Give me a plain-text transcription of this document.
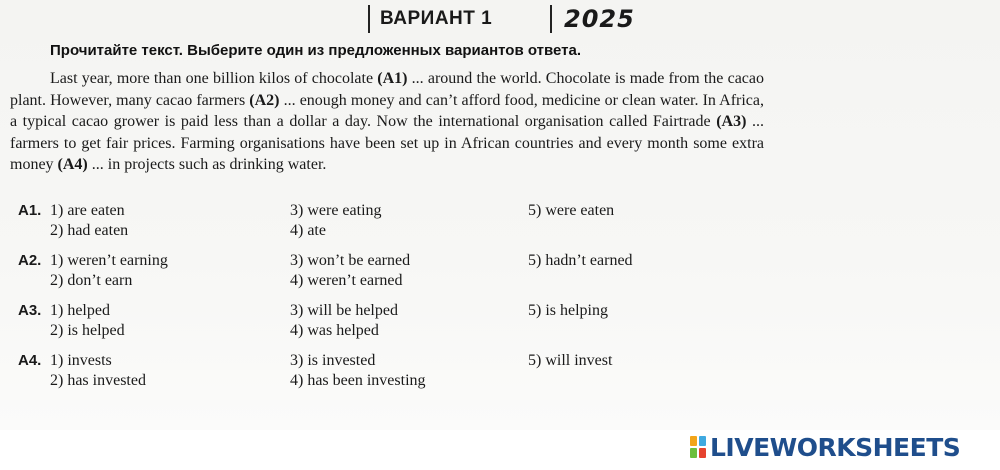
ВАРИАНТ 1	2025
Прочитайте текст. Выберите один из предложенных вариантов ответа.

Last year, more than one billion kilos of chocolate (A1) ... around the world. Chocolate is made from the cacao plant. However, many cacao farmers (A2) ... enough money and can’t afford food, medicine or clean water. In Africa, a typical cacao grower is paid less than a dollar a day. Now the international organisation called Fairtrade (A3) ... farmers to get fair prices. Farming organisations have been set up in African countries and every month some extra money (A4) ... in projects such as drinking water.

A1. 1) are eaten
2) had eaten
3) were eating
4) ate
5) were eaten
A2. 1) weren’t earning
2) don’t earn
3) won’t be earned
4) weren’t earned
5) hadn’t earned
A3. 1) helped
2) is helped
3) will be helped
4) was helped
5) is helping
A4. 1) invests
2) has invested
3) is invested
4) has been investing
5) will invest
LIVEWORKSHEETS
